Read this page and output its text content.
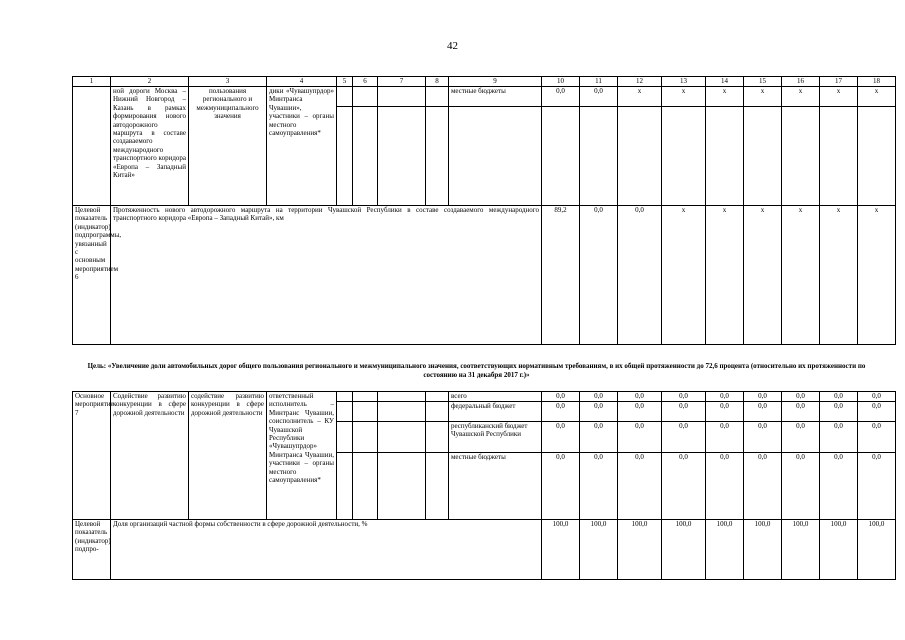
42
1	2	3	4	5	6	7	8	9	10	11	12	13	14	15	16	17	18
	ной дороги Москва – Нижний Новгород – Казань в рамках формирования нового автодорожного маршрута в составе создаваемого международного транспортного коридора «Европа – Западный Китай»	пользования регионального и межмуниципального значения	дики «Чувашупрдор» Минтранса Чувашии», участники – органы местного самоуправления*					местные бюджеты	0,0	0,0	x	x	x	x	x	x	x

Целевой показатель (индикатор) подпрограммы, увязанный с основным мероприятием 6	Протяженность нового автодорожного маршрута на территории Чувашской Республики в составе создаваемого международного транспортного коридора «Европа – Западный Китай», км								89,2	0,0	0,0	x	x	x	x	x	x
Цель: «Увеличение доли автомобильных дорог общего пользования регионального и межмуниципального значения, соответствующих нормативным требованиям, в их общей протяженности до 72,6 процента (относительно их протяженности по состоянию на 31 декабря 2017 г.)»
Основное мероприятие 7	Содействие развитию конкуренции в сфере дорожной деятельности	содействие развитию конкуренции в сфере дорожной деятельности	ответственный исполнитель – Минтранс Чувашии, соисполнитель – КУ Чувашской Республики «Чувашупрдор» Минтранса Чувашии, участники – органы местного самоуправления*					всего	0,0	0,0	0,0	0,0	0,0	0,0	0,0	0,0	0,0
								федеральный бюджет	0,0	0,0	0,0	0,0	0,0	0,0	0,0	0,0	0,0
								республиканский бюджет Чувашской Республики	0,0	0,0	0,0	0,0	0,0	0,0	0,0	0,0	0,0
								местные бюджеты	0,0	0,0	0,0	0,0	0,0	0,0	0,0	0,0	0,0
Целевой показатель (индикатор) подпро-	Доля организаций частной формы собственности в сфере дорожной деятельности, %								100,0	100,0	100,0	100,0	100,0	100,0	100,0	100,0	100,0
